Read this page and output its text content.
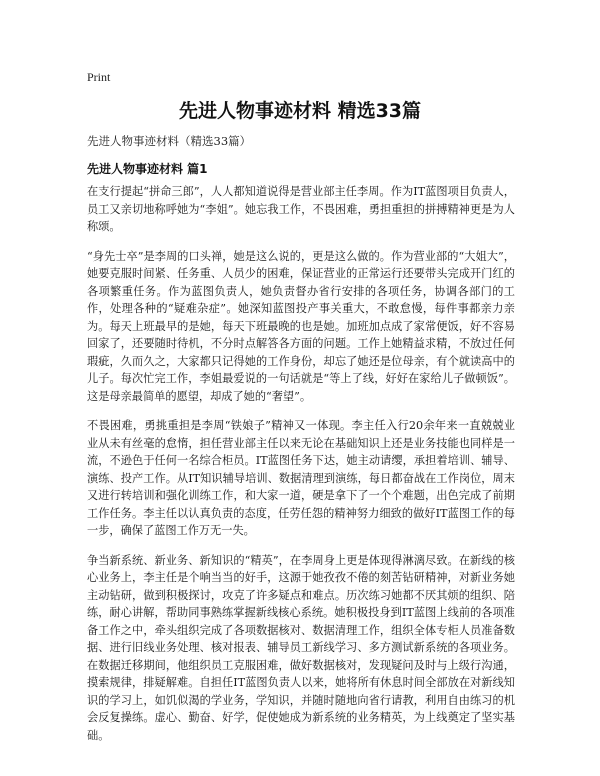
Print
先进人物事迹材料 精选33篇
先进人物事迹材料（精选33篇）
先进人物事迹材料 篇1

在支行提起“拼命三郎”，人人都知道说得是营业部主任李周。作为IT蓝图项目负责人，员工又亲切地称呼她为“李姐”。她忘我工作，不畏困难，勇担重担的拼搏精神更是为人称颂。

“身先士卒”是李周的口头禅，她是这么说的，更是这么做的。作为营业部的“大姐大”，她要克服时间紧、任务重、人员少的困难，保证营业的正常运行还要带头完成开门红的各项繁重任务。作为蓝图负责人，她负责督办省行安排的各项任务，协调各部门的工作，处理各种的“疑难杂症”。她深知蓝图投产事关重大，不敢怠慢，每件事都亲力亲为。每天上班最早的是她，每天下班最晚的也是她。加班加点成了家常便饭，好不容易回家了，还要随时待机，不分时点解答各方面的问题。工作上她精益求精，不放过任何瑕疵，久而久之，大家都只记得她的工作身份，却忘了她还是位母亲，有个就读高中的儿子。每次忙完工作，李姐最爱说的一句话就是“等上了线，好好在家给儿子做顿饭”。这是母亲最简单的愿望，却成了她的“奢望”。

不畏困难，勇挑重担是李周“铁娘子”精神又一体现。李主任入行20余年来一直兢兢业业从未有丝毫的怠惰，担任营业部主任以来无论在基础知识上还是业务技能也同样是一流，不逊色于任何一名综合柜员。IT蓝图任务下达，她主动请缨，承担着培训、辅导、演练、投产工作。从IT知识辅导培训、数据清理到演练，每日都奋战在工作岗位，周末又进行转培训和强化训练工作，和大家一道，硬是拿下了一个个难题，出色完成了前期工作任务。李主任以认真负责的态度，任劳任怨的精神努力细致的做好IT蓝图工作的每一步，确保了蓝图工作万无一失。

争当新系统、新业务、新知识的“精英”，在李周身上更是体现得淋漓尽致。在新线的核心业务上，李主任是个响当当的好手，这源于她孜孜不倦的刻苦钻研精神，对新业务她主动钻研，做到积极探讨，攻克了许多疑点和难点。历次练习她都不厌其烦的组织、陪练，耐心讲解，帮助同事熟练掌握新线核心系统。她积极投身到IT蓝图上线前的各项准备工作之中，牵头组织完成了各项数据核对、数据清理工作，组织全体专柜人员准备数据、进行旧线业务处理、核对报表、辅导员工新线学习、多方测试新系统的各项业务。在数据迁移期间，他组织员工克服困难，做好数据核对，发现疑问及时与上级行沟通，摸索规律，排疑解难。自担任IT蓝图负责人以来，她将所有休息时间全部放在对新线知识的学习上，如饥似渴的学业务，学知识，并随时随地向省行请教，利用自由练习的机会反复操练。虚心、勤奋、好学，促使她成为新系统的业务精英，为上线奠定了坚实基础。
